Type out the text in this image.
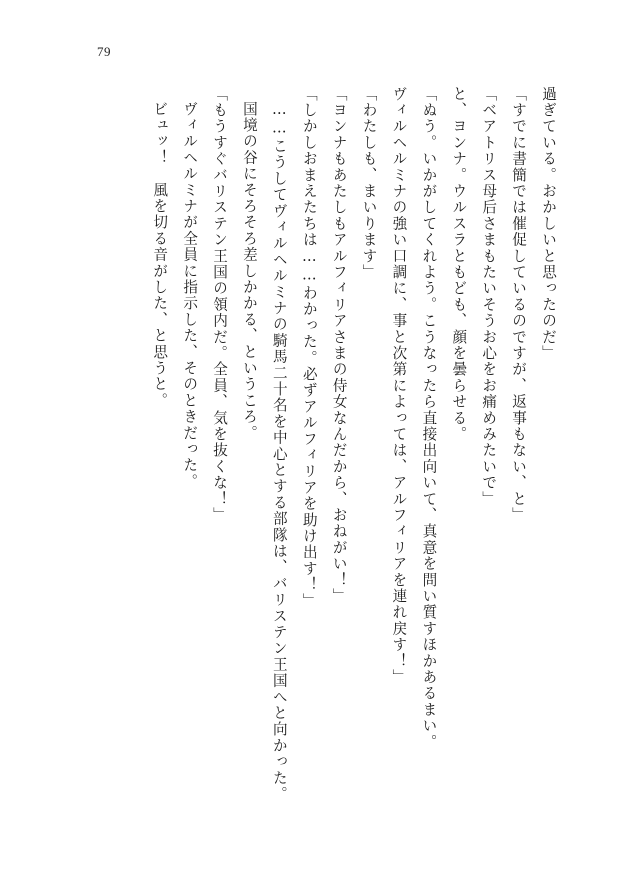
79

過ぎている。おかしいと思ったのだ」

「すでに書簡では催促しているのですが、返事もない、と」

「ベアトリス母后さまもたいそうお心をお痛めみたいで」

と、ヨンナ。ウルスラともども、顔を曇らせる。

「ぬう。いかがしてくれよう。こうなったら直接出向いて、真意を問い質すほかあるまい。

ヴィルヘルミナの強い口調に、事と次第によっては、アルフィリアを連れ戻す！」

「わたしも、まいります」

「ヨンナもあたしもアルフィリアさまの侍女なんだから、おねがい！」

「しかしおまえたちは……わかった。必ずアルフィリアを助け出す！」

……こうしてヴィルヘルミナの騎馬二十名を中心とする部隊は、バリステン王国へと向かった。

国境の谷にそろそろ差しかかる、というころ。

「もうすぐバリステン王国の領内だ。全員、気を抜くな！」

ヴィルヘルミナが全員に指示した、そのときだった。

ビュッ！　風を切る音がした、と思うと。
